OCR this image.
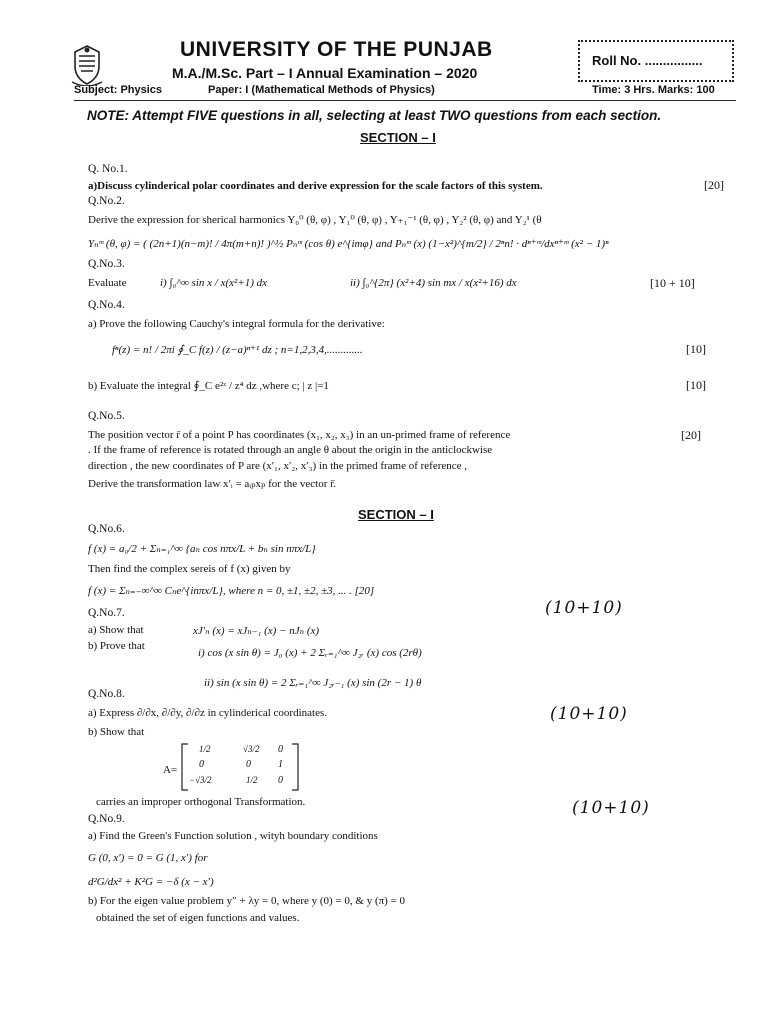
UNIVERSITY OF THE PUNJAB
M.A./M.Sc. Part – I Annual Examination – 2020
Roll No. ................
Subject: Physics	Paper: I (Mathematical Methods of Physics)	Time: 3 Hrs. Marks: 100
NOTE: Attempt FIVE questions in all, selecting at least TWO questions from each section.
SECTION – I
Q. No.1.
a)Discuss cylinderical polar coordinates and derive expression for the scale factors of this system.	[20]
Q.No.2.
Derive the expression for sherical harmonics Y₀⁰ (θ, φ) , Y₁⁰ (θ, φ) , Y₊₁⁻¹ (θ, φ) , Y₂² (θ, φ) and Y₂¹ (θ
Yₙᵐ (θ, φ) = ( (2n+1)(n−m)! / 4π(m+n)! )^½ Pₙᵐ (cos θ) e^{imφ} and Pₙᵐ (x) (1−x²)^{m/2} / 2ⁿn! · dⁿ⁺ᵐ/dxⁿ⁺ᵐ (x² − 1)ⁿ
Q.No.3.
Evaluate	i) ∫₀^∞ sin x / x(x²+1) dx	ii) ∫₀^{2π} (x²+4) sin mx / x(x²+16) dx	[10 + 10]
Q.No.4.
a) Prove the following Cauchy's integral formula for the derivative:
fⁿ(z) = n! / 2πi ∮_C f(z) / (z−a)ⁿ⁺¹ dz ; n=1,2,3,4,.............	[10]
b) Evaluate the integral ∮_C e²ᶻ / z⁴ dz ,where c; | z |=1	[10]
Q.No.5.
The position vector r̄ of a point P has coordinates (x₁, x₂, x₃) in an un-primed frame of reference	[20]
. If the frame of reference is rotated through an angle θ about the origin in the anticlockwise
direction , the new coordinates of P are (x′₁, x′₂, x′₃) in the primed frame of reference ,
Derive the transformation law x′ᵢ = aᵢₚxₚ for the vector r̄.
SECTION – I
Q.No.6.
f (x) = a₀/2 + Σₙ₌₁^∞ {aₙ cos nπx/L + bₙ sin nπx/L}
Then find the complex sereis of f (x) given by
f (x) = Σₙ₌₋∞^∞ Cₙe^{inπx/L}, where n = 0, ±1, ±2, ±3, ... . [20]
Q.No.7.
a) Show that	xJ′ₙ (x) = xJₙ₋₁ (x) − nJₙ (x)
b) Prove that
i) cos (x sin θ) = J₀ (x) + 2 Σᵣ₌₁^∞ J₂ᵣ (x) cos (2rθ)
ii) sin (x sin θ) = 2 Σᵣ₌₁^∞ J₂ᵣ₋₁ (x) sin (2r − 1) θ
(10+10)
Q.No.8.
a) Express ∂/∂x, ∂/∂y, ∂/∂z in cylinderical coordinates.	(10+10)
b) Show that
A=
1/2	√3/2 0
0	0	1
−√3/2	1/2 0
carries an improper orthogonal Transformation.
Q.No.9.
(10+10)
a) Find the Green's Function solution , wityh boundary conditions
G (0, x′) = 0 = G (1, x′) for
d²G/dx² + K²G = −δ (x − x′)
b) For the eigen value problem y″ + λy = 0, where y (0) = 0, & y (π) = 0
obtained the set of eigen functions and values.
